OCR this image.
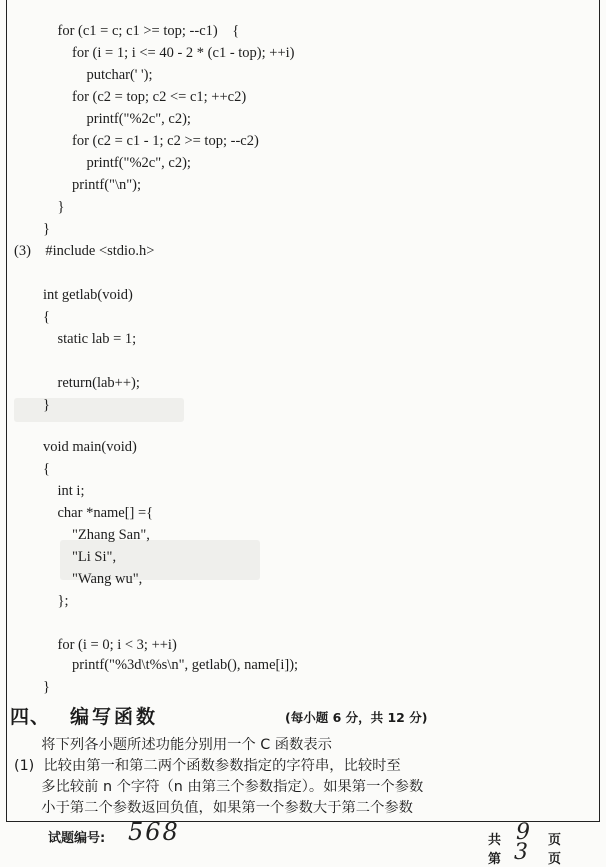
for (c1 = c; c1 >= top; --c1)    {
for (i = 1; i <= 40 - 2 * (c1 - top); ++i)
putchar(' ');
for (c2 = top; c2 <= c1; ++c2)
printf("%2c", c2);
for (c2 = c1 - 1; c2 >= top; --c2)
printf("%2c", c2);
printf("\n");
}
}
(3)    #include <stdio.h>
int getlab(void)
{
static lab = 1;
return(lab++);
}
void main(void)
{
int i;
char *name[] ={
"Zhang San",
"Li Si",
"Wang wu",
};
for (i = 0; i < 3; ++i)
printf("%3d\t%s\n", getlab(), name[i]);
}
四、 编写函数	(每小题 6 分，共 12 分)
将下列各小题所述功能分别用一个 C 函数表示
(1)  比较由第一和第二两个函数参数指定的字符串，比较时至
多比较前 n 个字符（n 由第三个参数指定）。如果第一个参数
小于第二个参数返回负值，如果第一个参数大于第二个参数
试题编号: 568	共 9 页
第 3 页
